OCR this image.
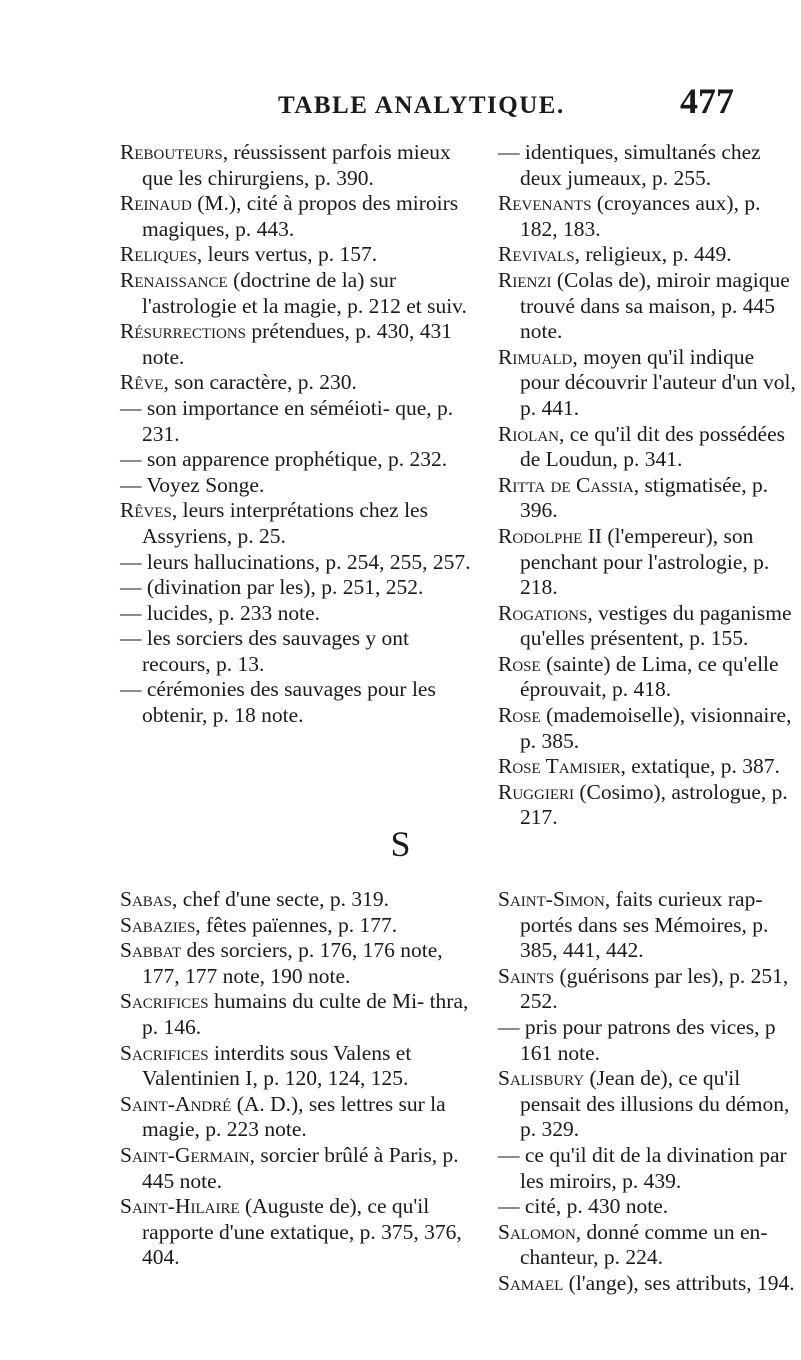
TABLE ANALYTIQUE.	477

Rebouteurs, réussissent parfois mieux que les chirurgiens, p. 390.

Reinaud (M.), cité à propos des miroirs magiques, p. 443.

Reliques, leurs vertus, p. 157.

Renaissance (doctrine de la) sur l'astrologie et la magie, p. 212 et suiv.

Résurrections prétendues, p. 430, 431 note.

Rêve, son caractère, p. 230.

— son importance en séméioti- que, p. 231.

— son apparence prophétique, p. 232.

— Voyez Songe.

Rêves, leurs interprétations chez les Assyriens, p. 25.

— leurs hallucinations, p. 254, 255, 257.

— (divination par les), p. 251, 252.

— lucides, p. 233 note.

— les sorciers des sauvages y ont recours, p. 13.

— cérémonies des sauvages pour les obtenir, p. 18 note.

— identiques, simultanés chez deux jumeaux, p. 255.

Revenants (croyances aux), p. 182, 183.

Revivals, religieux, p. 449.

Rienzi (Colas de), miroir magique trouvé dans sa maison, p. 445 note.

Rimuald, moyen qu'il indique pour découvrir l'auteur d'un vol, p. 441.

Riolan, ce qu'il dit des possédées de Loudun, p. 341.

Ritta de Cassia, stigmatisée, p. 396.

Rodolphe II (l'empereur), son penchant pour l'astrologie, p. 218.

Rogations, vestiges du paganisme qu'elles présentent, p. 155.

Rose (sainte) de Lima, ce qu'elle éprouvait, p. 418.

Rose (mademoiselle), visionnaire, p. 385.

Rose Tamisier, extatique, p. 387.

Ruggieri (Cosimo), astrologue, p. 217.

S

Sabas, chef d'une secte, p. 319.

Sabazies, fêtes païennes, p. 177.

Sabbat des sorciers, p. 176, 176 note, 177, 177 note, 190 note.

Sacrifices humains du culte de Mi- thra, p. 146.

Sacrifices interdits sous Valens et Valentinien I, p. 120, 124, 125.

Saint-André (A. D.), ses lettres sur la magie, p. 223 note.

Saint-Germain, sorcier brûlé à Paris, p. 445 note.

Saint-Hilaire (Auguste de), ce qu'il rapporte d'une extatique, p. 375, 376, 404.

Saint-Simon, faits curieux rap- portés dans ses Mémoires, p. 385, 441, 442.

Saints (guérisons par les), p. 251, 252.

— pris pour patrons des vices, p 161 note.

Salisbury (Jean de), ce qu'il pensait des illusions du démon, p. 329.

— ce qu'il dit de la divination par les miroirs, p. 439.

— cité, p. 430 note.

Salomon, donné comme un en- chanteur, p. 224.

Samael (l'ange), ses attributs, 194.
